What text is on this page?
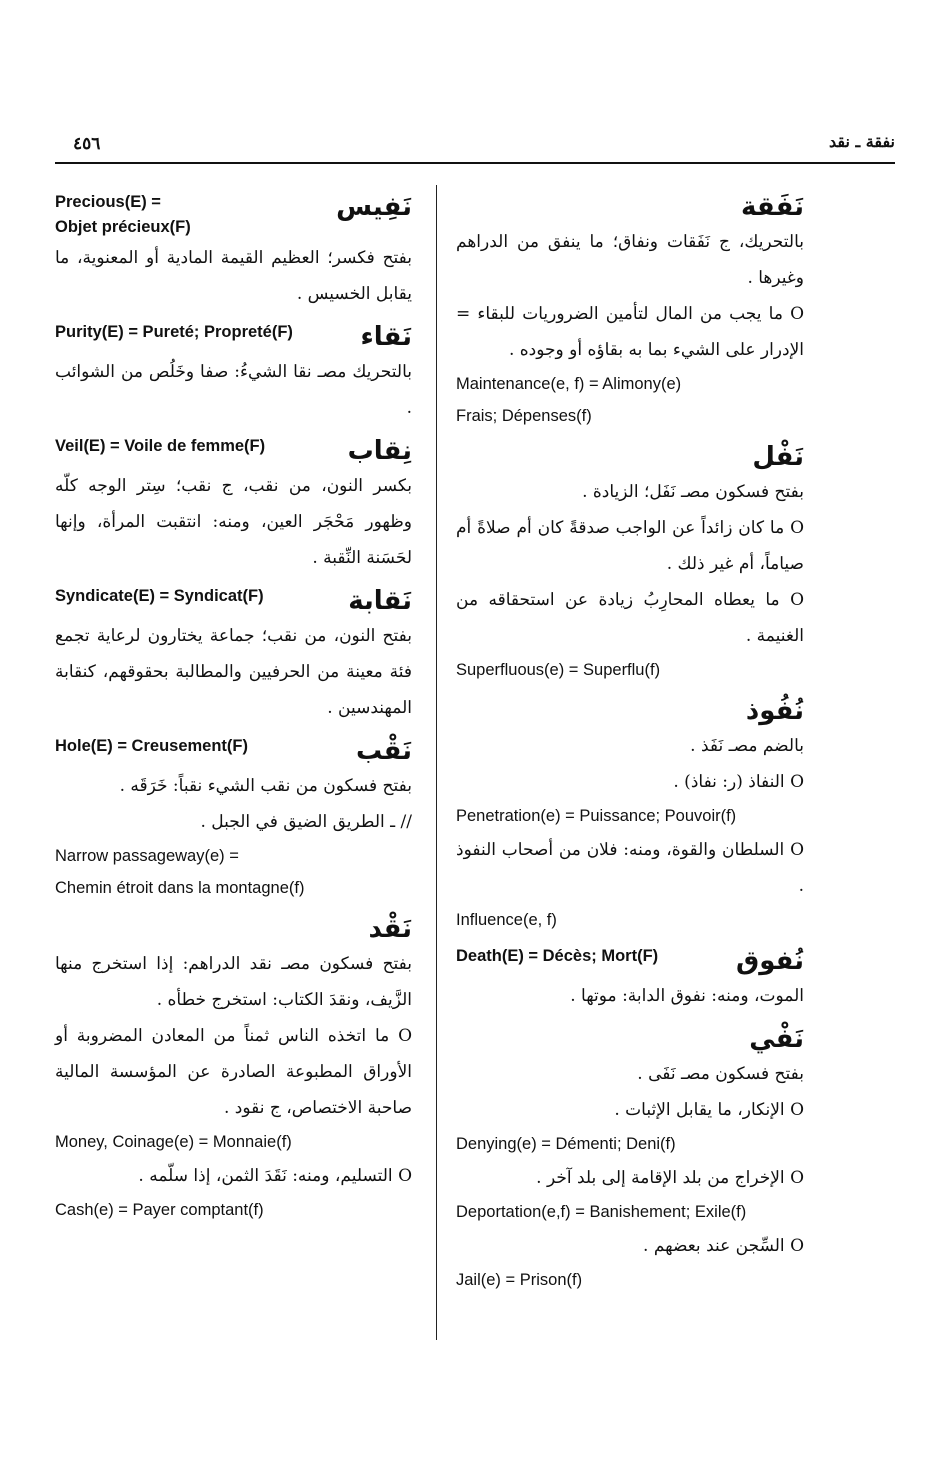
٤٥٦	نفقة ـ نقد
نَفَقة
بالتحريك، ج نَفَقات ونفاق؛ ما ينفق من الدراهم وغيرها .
O ما يجب من المال لتأمين الضروريات للبقاء = الإدرار على الشيء بما به بقاؤه أو وجوده .
Maintenance(e, f) = Alimony(e)
Frais; Dépenses(f)
نَفْل
بفتح فسكون مصـ نَفَل؛ الزيادة .
O ما كان زائداً عن الواجب صدقةً كان أم صلاةً أم صياماً، أم غير ذلك .
O ما يعطاه المحارِبُ زيادة عن استحقاقه من الغنيمة .
Superfluous(e) = Superflu(f)
نُفُوذ
بالضم مصـ نَفَذ .
O النفاذ (ر: نفاذ) .
Penetration(e) = Puissance; Pouvoir(f)
O السلطان والقوة، ومنه: فلان من أصحاب النفوذ .
Influence(e, f)
Death(E) = Décès; Mort(F)	نُفوق
الموت، ومنه: نفوق الدابة: موتها .
نَفْي
بفتح فسكون مصـ نَفَى .
O الإنكار، ما يقابل الإثبات .
Denying(e) = Démenti; Deni(f)
O الإخراج من بلد الإقامة إلى بلد آخر .
Deportation(e,f) = Banishement; Exile(f)
O السِّجن عند بعضهم .
Jail(e) = Prison(f)
Precious(E) =
Objet précieux(F)
نَفِيس
بفتح فكسر؛ العظيم القيمة المادية أو المعنوية، ما يقابل الخسيس .
Purity(E) = Pureté; Propreté(F)	نَقاء
بالتحريك مصـ نقا الشيءُ: صفا وخَلُص من الشوائب .
Veil(E) = Voile de femme(F)	نِقاب
بكسر النون، من نقب، ج نقب؛ سِتر الوجه كلّه وظهور مَحْجَر العين، ومنه: انتقبت المرأة، وإنها لحَسَنة النِّقبة .
Syndicate(E) = Syndicat(F)	نَقابة
بفتح النون، من نقب؛ جماعة يختارون لرعاية تجمع فئة معينة من الحرفيين والمطالبة بحقوقهم، كنقابة المهندسين .
Hole(E) = Creusement(F)	نَقْب
بفتح فسكون من نقب الشيء نقباً: خَرَقَه .
// ـ الطريق الضيق في الجبل .
Narrow passageway(e) =
Chemin étroit dans la montagne(f)
نَقْد
بفتح فسكون مصـ نقد الدراهم: إذا استخرج منها الزَّيف، ونقدَ الكتاب: استخرج خطأه .
O ما اتخذه الناس ثمناً من المعادن المضروبة أو الأوراق المطبوعة الصادرة عن المؤسسة المالية صاحبة الاختصاص، ج نقود .
Money, Coinage(e) = Monnaie(f)
O التسليم، ومنه: نَقَدَ الثمن، إذا سلّمه .
Cash(e) = Payer comptant(f)
